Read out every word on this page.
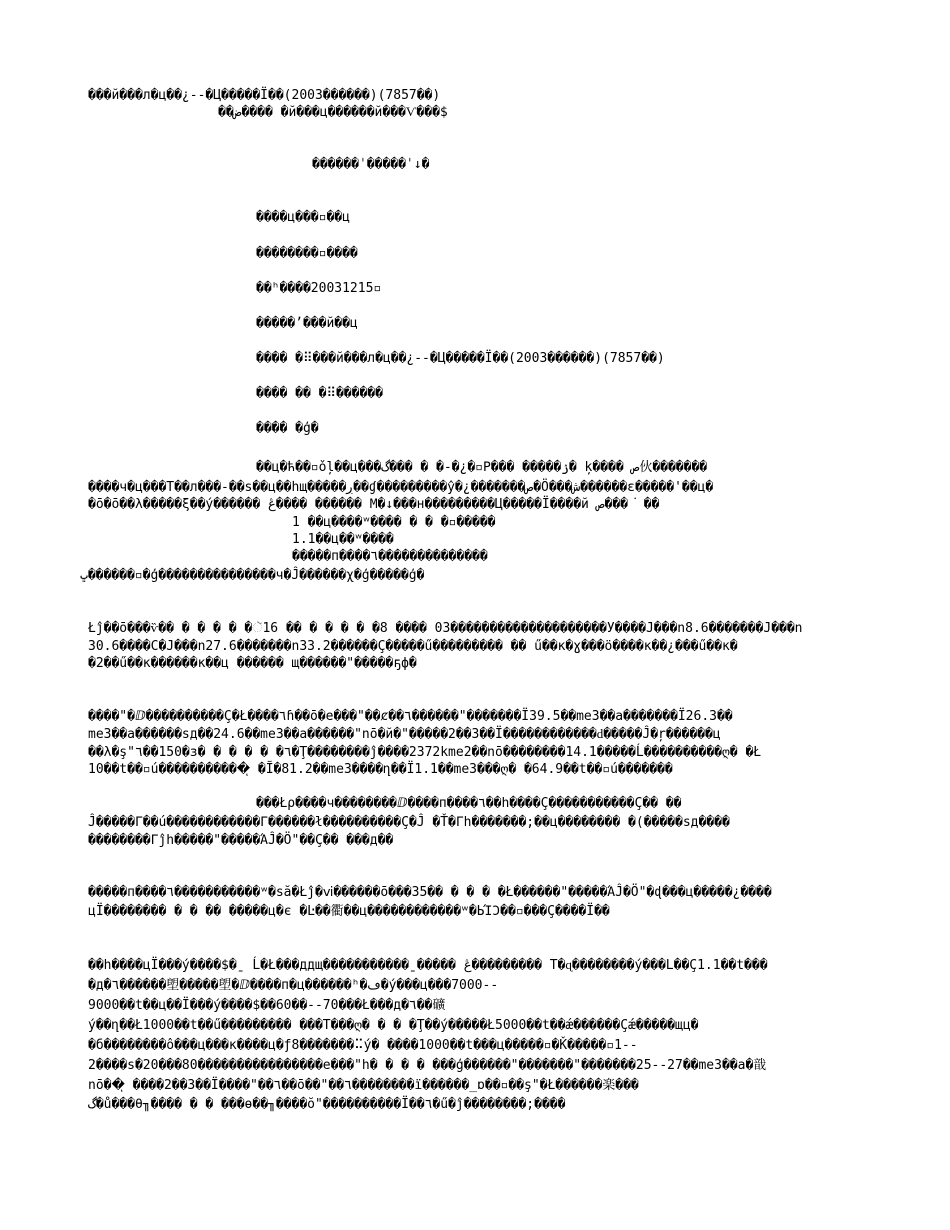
���й���л�ц��¿--�Ц�����Ї��(2003������)(7857��)
��ض���� �й���ц������й���Ѵ���$
������ˈ�����ˈ↓�
����ц���▫��ц
��������▫����
��ʰ����20031215▫
�����ʼ���й��ц
���� �⠿���й���л�ц��¿--�Ц�����Ї��(2003������)(7857��)
���� �� �⠿������
���� �ģ�
��ц�ћ��▫ǒļ��ц���گ��� � �-�¿�▫Ρ��� �����ۯ� ķ���� ص伙�������
����ч�ц���Т��л���-��ѕ��ц��һщ�����ڔ��ɠ���������ŷ�¿�������ص�Ö���ش������ε�����'��ц�
�ō�ō��λ�����ξ��ý������ ڠ���� ������ Μ�↓���н���������Ц�����Ї����й ص��� ͘��
1 ��ц����ʷ���� � � �▫�����
1.1��ц��ʷ����
�����п����٦��������������
ڀ������▫�ģ���������������ч�Ĵ������χ�ģ�����ģ�
Łĵ��ō���ѷ�� � � � � �ૅ16 �� � � � � �8 ���� 03��������������������У����Ј���n8.6�������Ј���n
30.6����С�Ј���n27.6�������n33.2������Ç�����ű��������� �� ű��к�ɣ���ö����к��¿���ű��к�
�2��ű��к������к��ц ������ щ������"�����ҕф�
����"�ⅅ����������Ç�Ł����٦ɦ��ō�е���"��ȼ��٦������"�������Ї39.5��me3��а�������Ї26.3��
me3��а������ѕд��24.6��me3��а������"nō�й�"�����2��3��Ї������������ԁ�����Ĵ�ŗ������ц
��λ�ş"٦��150�з� � � � � �٦�Ţ��������ĵ����2372kme2��nō��������14.1�����Ĺ����������ღ� �Ł
10��t��▫ú�����������ͅ �Ĩ�81.2��me3����ղ��Ї1.1��me3���ღ� �64.9��t��▫ú�������
���Łρ����ч��������ⅅ����п����٦��h����Ç�����������Ç�� ��
Ĵ�����Γ��ú������������Γ������ł����������Ç�Ĵ �Ť�Γh�������;��ц�������� �(�����ѕд����
��������Γĵh�����"�����ΆĴ�Ö"��Ç�� ���д��
�����п����٦�����������ʷ�ѕă�Łĵ�ⅵ������ō���35�� � � � �Ł������"�����ΆĴ�Ö"�ɖ���ц�����¿����
цЇ�������� � � �� �����ц�є �Ŀ��衢��ц������������ʷ�ЬΊϽ��▫���Ç����Ї��
��h����цЇ���ý����$�ˍ Ĺ�Ł���ддщ�����������ˍ����� ڠ��������� Т�ɋ��������ý���L��Ç1.1��t���
�д�٦������塱�����塱�ⅅ����п�ц������ʰ�ڡ�ý���ц���7000--
9000��t��ц��Ї���ý����$��60��--70���Ł���д�٦��礦
ý��ղ��Ł1000��t��ű��������� ���Т���ღ� � � �Ţ��ý�����Ł5000��t��ǽ������Çǽ�����щц�
�б��������ô���ц���к����ц�ƒ8�������⠭ý� ����1000��t���ц�����▫�Ǩ�����▫1--
2����ѕ�20���80����������������е���"h� � � � ���ģ������"�������"�������25--27��me3��а�戠
nō��ͅ ����2��3��Ї����"��٦��ō��"��٦��������ï������_ɒ��▫��ş"�Ł������楽���
گ�ů���θ╖���� � � ���ɵ��╖����ŏ"����������Ї��٦�ű�ĵ��������;����
